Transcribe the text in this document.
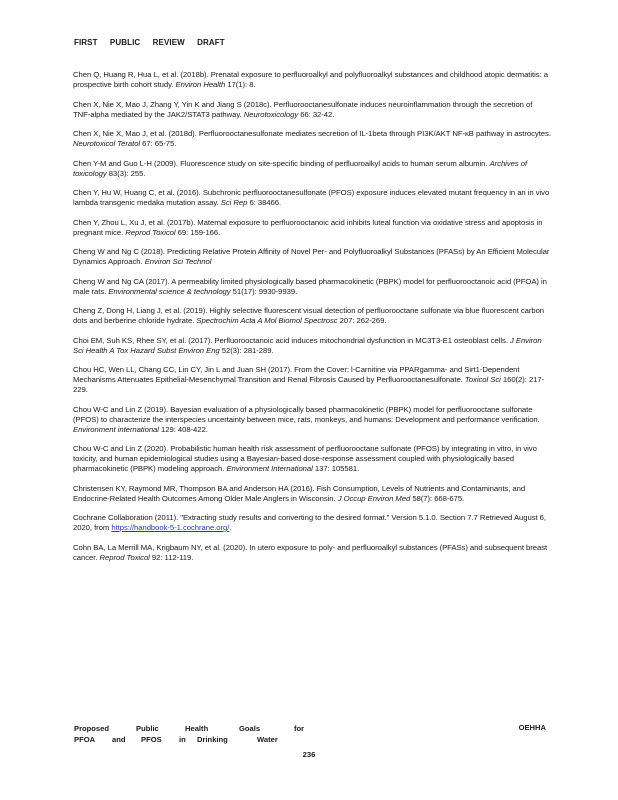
FIRST PUBLIC REVIEW DRAFT

Chen Q, Huang R, Hua L, et al. (2018b). Prenatal exposure to perfluoroalkyl and polyfluoroalkyl substances and childhood atopic dermatitis: a prospective birth cohort study. Environ Health 17(1): 8.

Chen X, Nie X, Mao J, Zhang Y, Yin K and Jiang S (2018c). Perfluorooctanesulfonate induces neuroinflammation through the secretion of TNF-alpha mediated by the JAK2/STAT3 pathway. Neurotoxicology 66: 32-42.

Chen X, Nie X, Mao J, et al. (2018d). Perfluorooctanesulfonate mediates secretion of IL-1beta through PI3K/AKT NF-κB pathway in astrocytes. Neurotoxicol Teratol 67: 65-75.

Chen Y-M and Guo L-H (2009). Fluorescence study on site-specific binding of perfluoroalkyl acids to human serum albumin. Archives of toxicology 83(3): 255.

Chen Y, Hu W, Huang C, et al. (2016). Subchronic perfluorooctanesulfonate (PFOS) exposure induces elevated mutant frequency in an in vivo lambda transgenic medaka mutation assay. Sci Rep 6: 38466.

Chen Y, Zhou L, Xu J, et al. (2017b). Maternal exposure to perfluorooctanoic acid inhibits luteal function via oxidative stress and apoptosis in pregnant mice. Reprod Toxicol 69: 159-166.

Cheng W and Ng C (2018). Predicting Relative Protein Affinity of Novel Per- and Polyfluoroalkyl Substances (PFASs) by An Efficient Molecular Dynamics Approach. Environ Sci Technol

Cheng W and Ng CA (2017). A permeability limited physiologically based pharmacokinetic (PBPK) model for perfluorooctanoic acid (PFOA) in male rats. Environmental science & technology 51(17): 9930-9939.

Cheng Z, Dong H, Liang J, et al. (2019). Highly selective fluorescent visual detection of perfluorooctane sulfonate via blue fluorescent carbon dots and berberine chloride hydrate. Spectrochim Acta A Mol Biomol Spectrosc 207: 262-269.

Choi EM, Suh KS, Rhee SY, et al. (2017). Perfluorooctanoic acid induces mitochondrial dysfunction in MC3T3-E1 osteoblast cells. J Environ Sci Health A Tox Hazard Subst Environ Eng 52(3): 281-289.

Chou HC, Wen LL, Chang CC, Lin CY, Jin L and Juan SH (2017). From the Cover: l-Carnitine via PPARgamma- and Sirt1-Dependent Mechanisms Attenuates Epithelial-Mesenchymal Transition and Renal Fibrosis Caused by Perfluorooctanesulfonate. Toxicol Sci 160(2): 217-229.

Chou W-C and Lin Z (2019). Bayesian evaluation of a physiologically based pharmacokinetic (PBPK) model for perfluorooctane sulfonate (PFOS) to characterize the interspecies uncertainty between mice, rats, monkeys, and humans: Development and performance verification. Environment international 129: 408-422.

Chou W-C and Lin Z (2020). Probabilistic human health risk assessment of perfluorooctane sulfonate (PFOS) by integrating in vitro, in vivo toxicity, and human epidemiological studies using a Bayesian-based dose-response assessment coupled with physiologically based pharmacokinetic (PBPK) modeling approach. Environment International 137: 105581.

Christensen KY, Raymond MR, Thompson BA and Anderson HA (2016). Fish Consumption, Levels of Nutrients and Contaminants, and Endocrine-Related Health Outcomes Among Older Male Anglers in Wisconsin. J Occup Environ Med 58(7): 668-675.

Cochrane Collaboration (2011). "Extracting study results and converting to the desired format." Version 5.1.0. Section 7.7 Retrieved August 6, 2020, from https://handbook-5-1.cochrane.org/.

Cohn BA, La Merrill MA, Krigbaum NY, et al. (2020). In utero exposure to poly- and perfluoroalkyl substances (PFASs) and subsequent breast cancer. Reprod Toxicol 92: 112-119.

Proposed	Public	Health	Goals	for
PFOA	and	PFOS	in	Drinking	Water
OEHHA
236
